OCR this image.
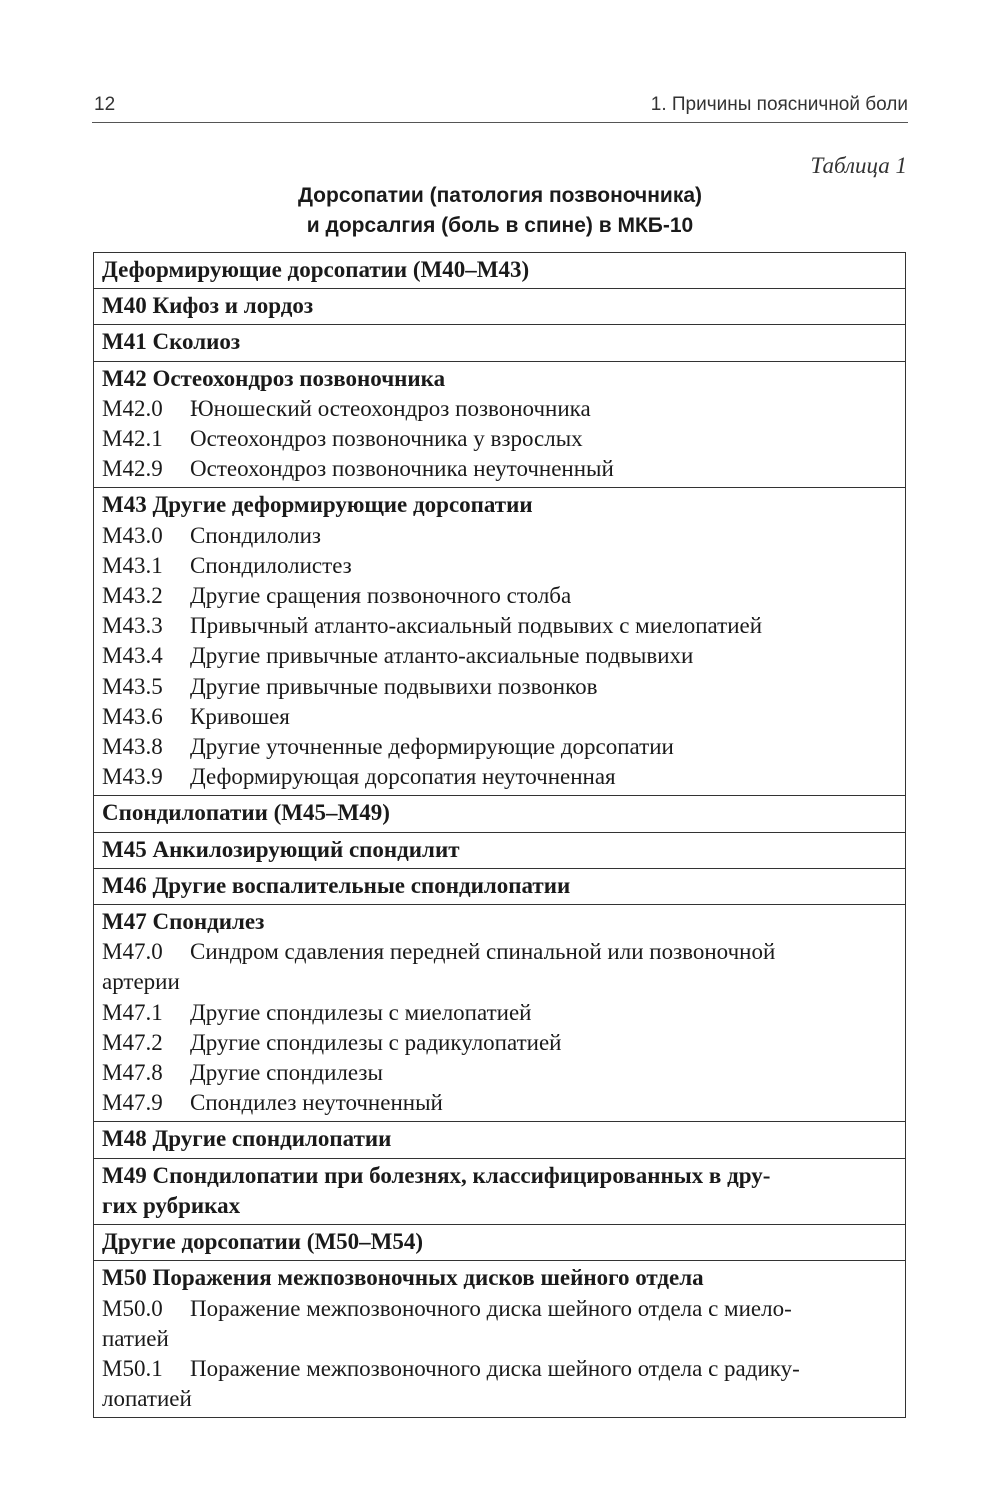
12	1. Причины поясничной боли
Таблица 1
Дорсопатии (патология позвоночника)
и дорсалгия (боль в спине) в МКБ-10
Деформирующие дорсопатии (M40–M43)
M40 Кифоз и лордоз
M41 Сколиоз
M42 Остеохондроз позвоночника
M42.0 Юношеский остеохондроз позвоночника
M42.1 Остеохондроз позвоночника у взрослых
M42.9 Остеохондроз позвоночника неуточненный
M43 Другие деформирующие дорсопатии
M43.0 Спондилолиз
M43.1 Спондилолистез
M43.2 Другие сращения позвоночного столба
M43.3 Привычный атланто-аксиальный подвывих с миелопатией
M43.4 Другие привычные атланто-аксиальные подвывихи
M43.5 Другие привычные подвывихи позвонков
M43.6 Кривошея
M43.8 Другие уточненные деформирующие дорсопатии
M43.9 Деформирующая дорсопатия неуточненная
Спондилопатии (M45–M49)
M45 Анкилозирующий спондилит
M46 Другие воспалительные спондилопатии
M47 Спондилез
M47.0 Синдром сдавления передней спинальной или позвоночной
артерии
M47.1 Другие спондилезы с миелопатией
M47.2 Другие спондилезы с радикулопатией
M47.8 Другие спондилезы
M47.9 Спондилез неуточненный
M48 Другие спондилопатии
M49 Спондилопатии при болезнях, классифицированных в дру-
гих рубриках
Другие дорсопатии (M50–M54)
M50 Поражения межпозвоночных дисков шейного отдела
M50.0 Поражение межпозвоночного диска шейного отдела с миело-
патией
M50.1 Поражение межпозвоночного диска шейного отдела с радику-
лопатией
